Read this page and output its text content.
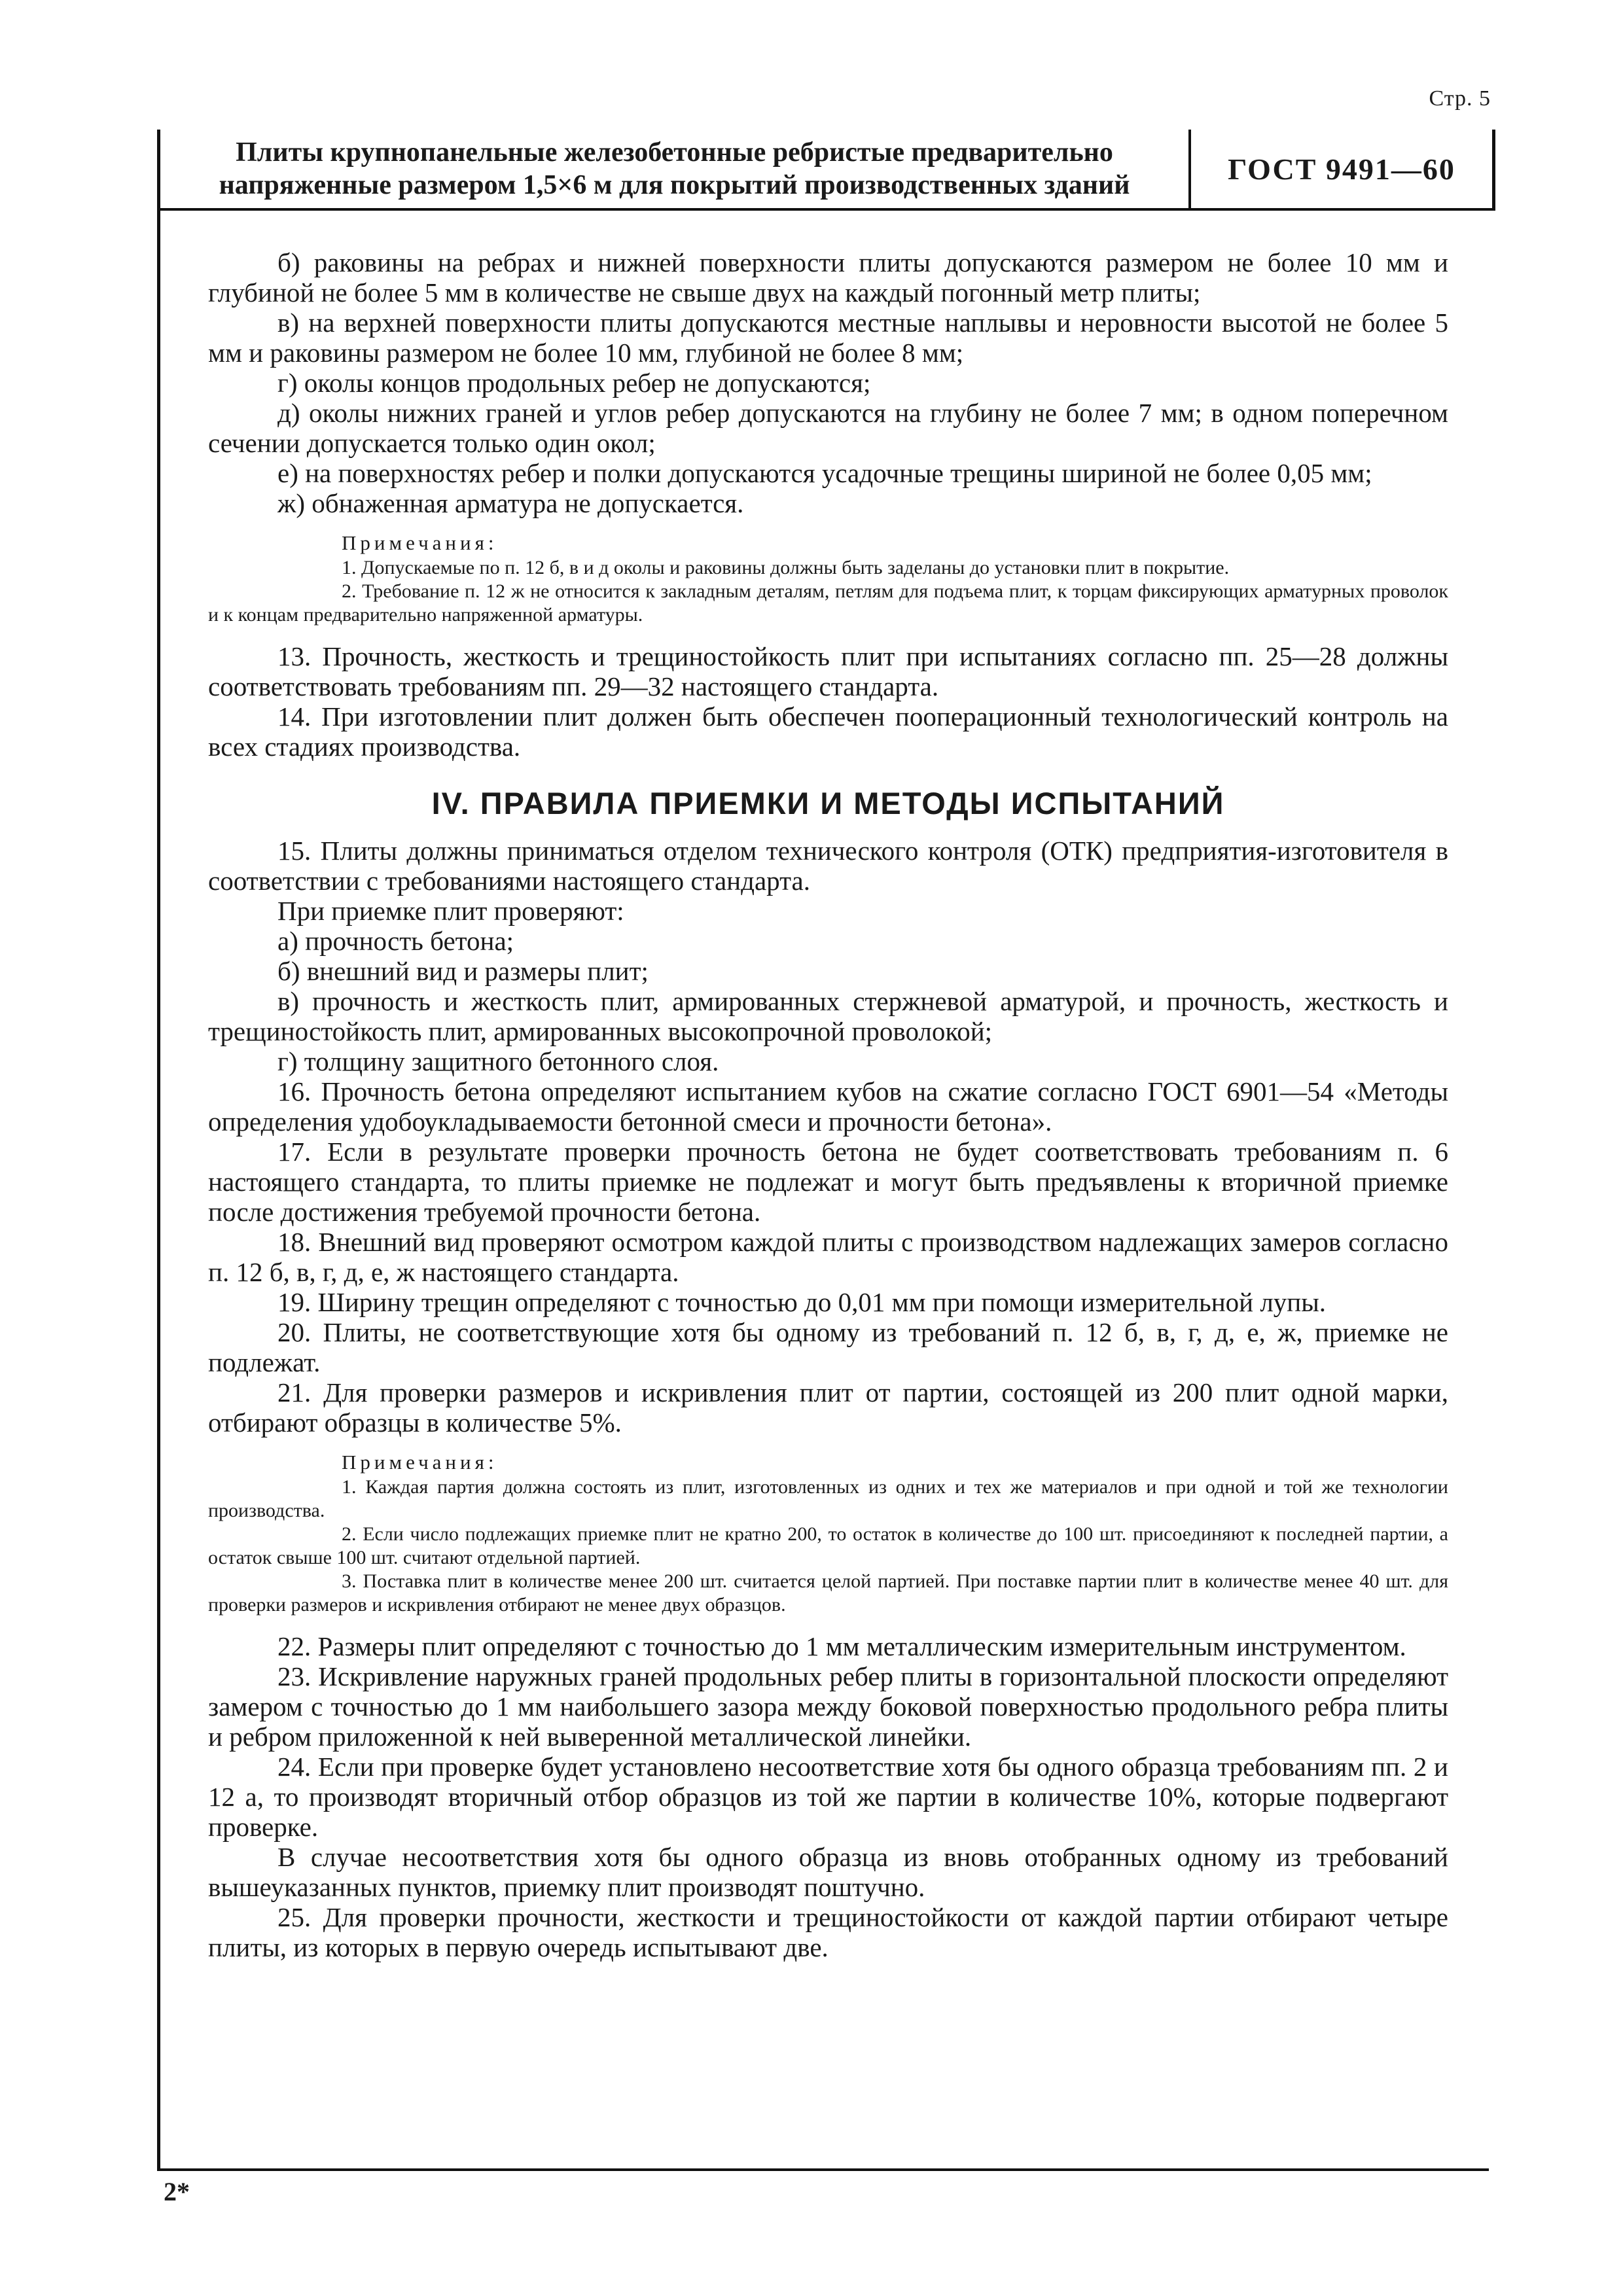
Стр. 5
Плиты крупнопанельные железобетонные ребристые предварительно
напряженные размером 1,5×6 м для покрытий производственных зданий	ГОСТ 9491—60

б) раковины на ребрах и нижней поверхности плиты допускаются размером не более 10 мм и глубиной не более 5 мм в количестве не свыше двух на каждый погонный метр плиты;

в) на верхней поверхности плиты допускаются местные наплывы и неровности высотой не более 5 мм и раковины размером не более 10 мм, глубиной не более 8 мм;

г) околы концов продольных ребер не допускаются;

д) околы нижних граней и углов ребер допускаются на глубину не более 7 мм; в одном поперечном сечении допускается только один окол;

е) на поверхностях ребер и полки допускаются усадочные трещины шириной не более 0,05 мм;

ж) обнаженная арматура не допускается.

Примечания:

1. Допускаемые по п. 12 б, в и д околы и раковины должны быть заделаны до установки плит в покрытие.

2. Требование п. 12 ж не относится к закладным деталям, петлям для подъема плит, к торцам фиксирующих арматурных проволок и к концам предварительно напряженной арматуры.

13. Прочность, жесткость и трещиностойкость плит при испытаниях согласно пп. 25—28 должны соответствовать требованиям пп. 29—32 настоящего стандарта.

14. При изготовлении плит должен быть обеспечен пооперационный технологический контроль на всех стадиях производства.

IV. ПРАВИЛА ПРИЕМКИ И МЕТОДЫ ИСПЫТАНИЙ

15. Плиты должны приниматься отделом технического контроля (ОТК) предприятия-изготовителя в соответствии с требованиями настоящего стандарта.

При приемке плит проверяют:

а) прочность бетона;

б) внешний вид и размеры плит;

в) прочность и жесткость плит, армированных стержневой арматурой, и прочность, жесткость и трещиностойкость плит, армированных высокопрочной проволокой;

г) толщину защитного бетонного слоя.

16. Прочность бетона определяют испытанием кубов на сжатие согласно ГОСТ 6901—54 «Методы определения удобоукладываемости бетонной смеси и прочности бетона».

17. Если в результате проверки прочность бетона не будет соответствовать требованиям п. 6 настоящего стандарта, то плиты приемке не подлежат и могут быть предъявлены к вторичной приемке после достижения требуемой прочности бетона.

18. Внешний вид проверяют осмотром каждой плиты с производством надлежащих замеров согласно п. 12 б, в, г, д, е, ж настоящего стандарта.

19. Ширину трещин определяют с точностью до 0,01 мм при помощи измерительной лупы.

20. Плиты, не соответствующие хотя бы одному из требований п. 12 б, в, г, д, е, ж, приемке не подлежат.

21. Для проверки размеров и искривления плит от партии, состоящей из 200 плит одной марки, отбирают образцы в количестве 5%.

Примечания:

1. Каждая партия должна состоять из плит, изготовленных из одних и тех же материалов и при одной и той же технологии производства.

2. Если число подлежащих приемке плит не кратно 200, то остаток в количестве до 100 шт. присоединяют к последней партии, а остаток свыше 100 шт. считают отдельной партией.

3. Поставка плит в количестве менее 200 шт. считается целой партией. При поставке партии плит в количестве менее 40 шт. для проверки размеров и искривления отбирают не менее двух образцов.

22. Размеры плит определяют с точностью до 1 мм металлическим измерительным инструментом.

23. Искривление наружных граней продольных ребер плиты в горизонтальной плоскости определяют замером с точностью до 1 мм наибольшего зазора между боковой поверхностью продольного ребра плиты и ребром приложенной к ней выверенной металлической линейки.

24. Если при проверке будет установлено несоответствие хотя бы одного образца требованиям пп. 2 и 12 а, то производят вторичный отбор образцов из той же партии в количестве 10%, которые подвергают проверке.

В случае несоответствия хотя бы одного образца из вновь отобранных одному из требований вышеуказанных пунктов, приемку плит производят поштучно.

25. Для проверки прочности, жесткости и трещиностойкости от каждой партии отбирают четыре плиты, из которых в первую очередь испытывают две.

2*
